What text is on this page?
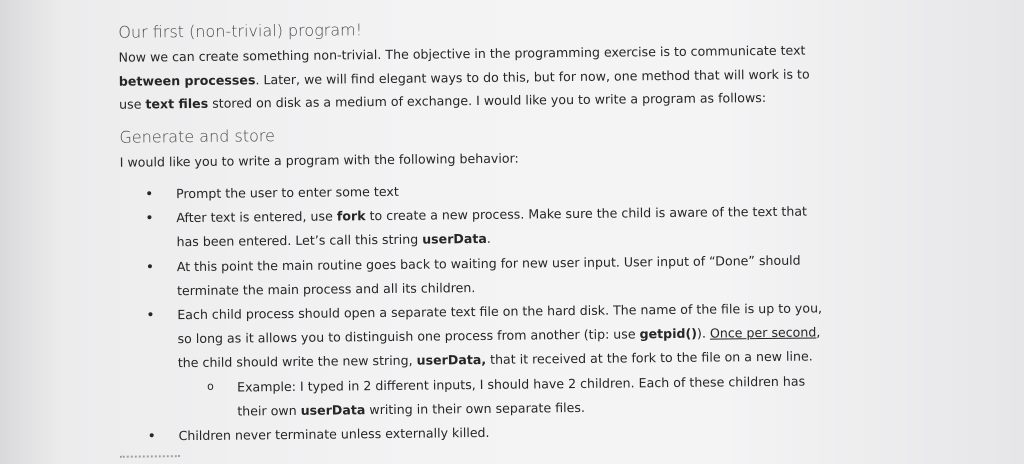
Our first (non-trivial) program!
Now we can create something non-trivial. The objective in the programming exercise is to communicate text
between processes. Later, we will find elegant ways to do this, but for now, one method that will work is to
use text files stored on disk as a medium of exchange. I would like you to write a program as follows:
Generate and store

I would like you to write a program with the following behavior:

• Prompt the user to enter some text
• After text is entered, use fork to create a new process. Make sure the child is aware of the text that
has been entered. Let’s call this string userData.
• At this point the main routine goes back to waiting for new user input. User input of “Done” should
terminate the main process and all its children.
• Each child process should open a separate text file on the hard disk. The name of the file is up to you,
so long as it allows you to distinguish one process from another (tip: use getpid()). Once per second,
the child should write the new string, userData, that it received at the fork to the file on a new line.
o Example: I typed in 2 different inputs, I should have 2 children. Each of these children has
their own userData writing in their own separate files.
• Children never terminate unless externally killed.
